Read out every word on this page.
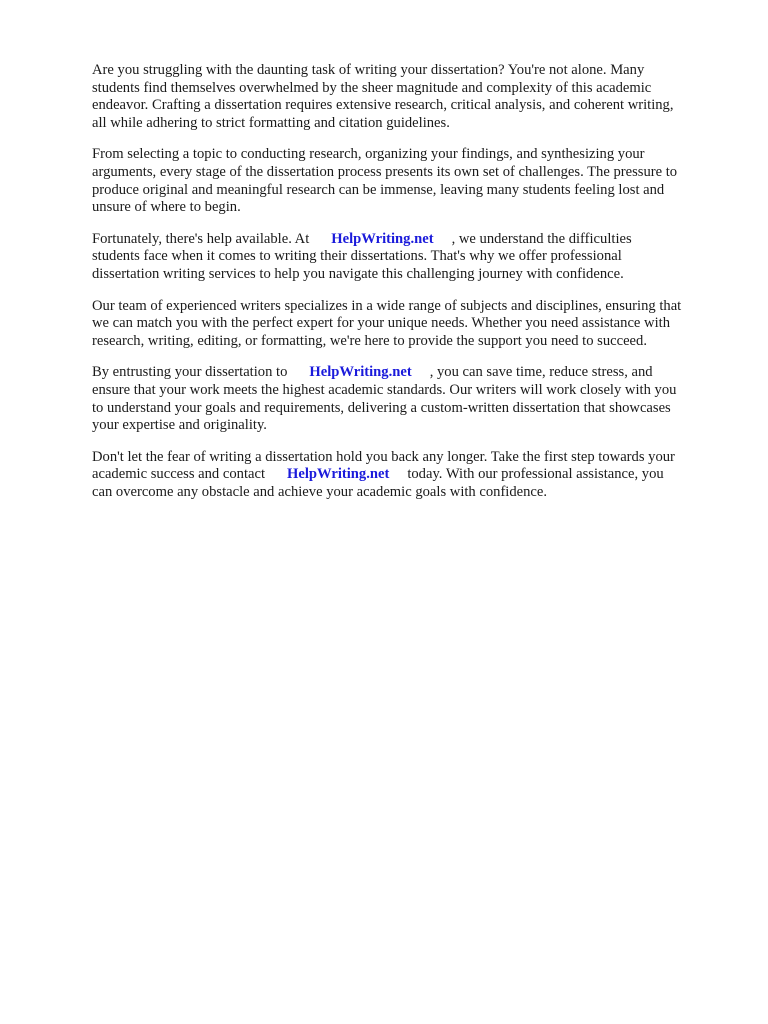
Are you struggling with the daunting task of writing your dissertation? You're not alone. Many
students find themselves overwhelmed by the sheer magnitude and complexity of this academic
endeavor. Crafting a dissertation requires extensive research, critical analysis, and coherent writing,
all while adhering to strict formatting and citation guidelines.

From selecting a topic to conducting research, organizing your findings, and synthesizing your
arguments, every stage of the dissertation process presents its own set of challenges. The pressure to
produce original and meaningful research can be immense, leaving many students feeling lost and
unsure of where to begin.

Fortunately, there's help available. At HelpWriting.net , we understand the difficulties
students face when it comes to writing their dissertations. That's why we offer professional
dissertation writing services to help you navigate this challenging journey with confidence.

Our team of experienced writers specializes in a wide range of subjects and disciplines, ensuring that
we can match you with the perfect expert for your unique needs. Whether you need assistance with
research, writing, editing, or formatting, we're here to provide the support you need to succeed.

By entrusting your dissertation to HelpWriting.net , you can save time, reduce stress, and
ensure that your work meets the highest academic standards. Our writers will work closely with you
to understand your goals and requirements, delivering a custom-written dissertation that showcases
your expertise and originality.

Don't let the fear of writing a dissertation hold you back any longer. Take the first step towards your
academic success and contact HelpWriting.net today. With our professional assistance, you
can overcome any obstacle and achieve your academic goals with confidence.
